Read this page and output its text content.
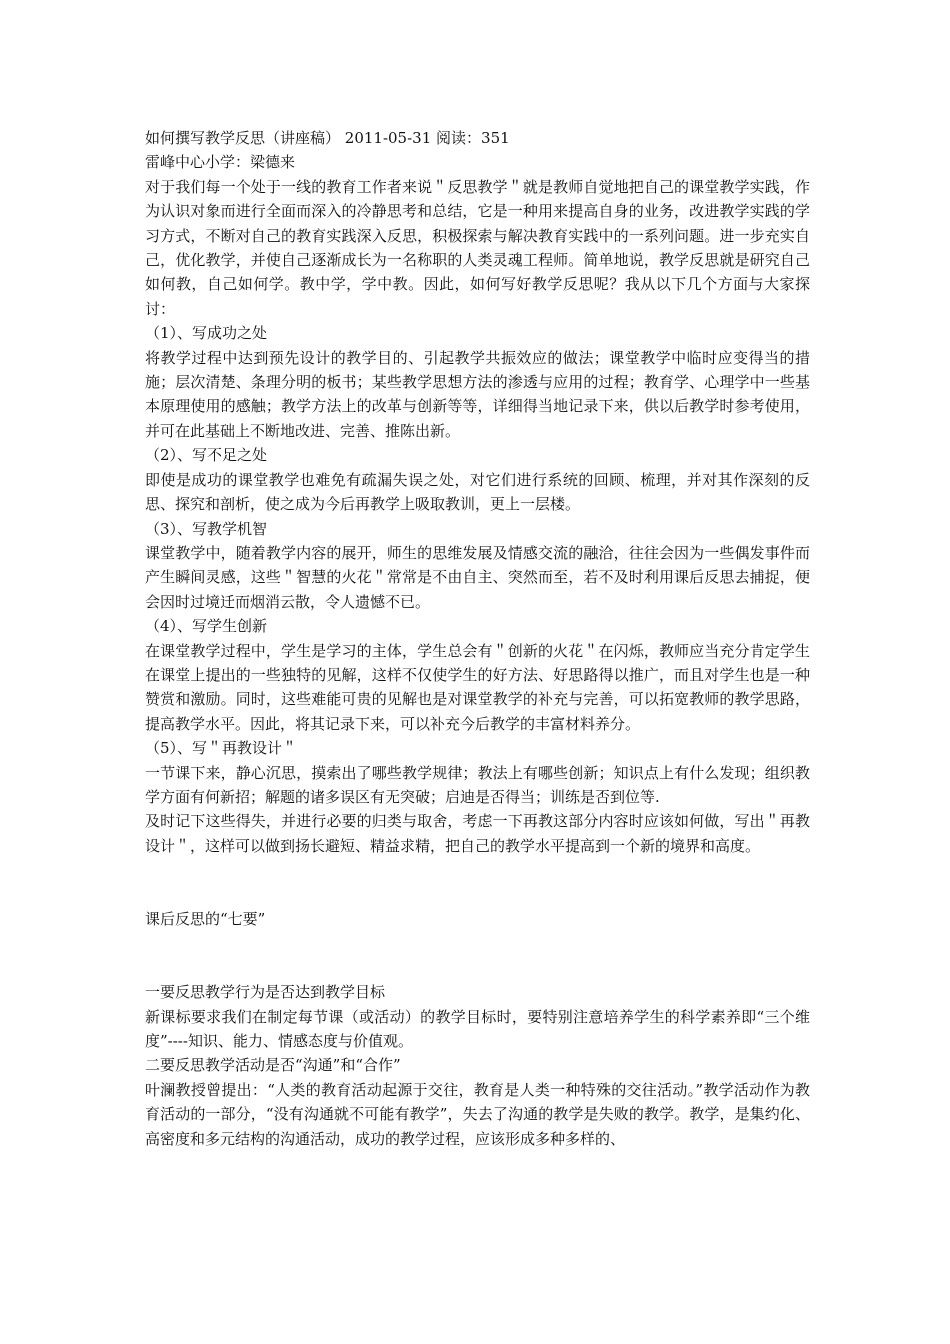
如何撰写教学反思（讲座稿） 2011-05-31 阅读：351

雷峰中心小学：梁德来

对于我们每一个处于一线的教育工作者来说＂反思教学＂就是教师自觉地把自己的课堂教学实践，作为认识对象而进行全面而深入的冷静思考和总结，它是一种用来提高自身的业务，改进教学实践的学习方式，不断对自己的教育实践深入反思，积极探索与解决教育实践中的一系列问题。进一步充实自己，优化教学，并使自己逐渐成长为一名称职的人类灵魂工程师。简单地说，教学反思就是研究自己如何教，自己如何学。教中学，学中教。因此，如何写好教学反思呢？我从以下几个方面与大家探讨：

（1）、写成功之处

将教学过程中达到预先设计的教学目的、引起教学共振效应的做法；课堂教学中临时应变得当的措施；层次清楚、条理分明的板书；某些教学思想方法的渗透与应用的过程；教育学、心理学中一些基本原理使用的感触；教学方法上的改革与创新等等，详细得当地记录下来，供以后教学时参考使用，并可在此基础上不断地改进、完善、推陈出新。

（2）、写不足之处

即使是成功的课堂教学也难免有疏漏失误之处，对它们进行系统的回顾、梳理，并对其作深刻的反思、探究和剖析，使之成为今后再教学上吸取教训，更上一层楼。

（3）、写教学机智

课堂教学中，随着教学内容的展开，师生的思维发展及情感交流的融洽，往往会因为一些偶发事件而产生瞬间灵感，这些＂智慧的火花＂常常是不由自主、突然而至，若不及时利用课后反思去捕捉，便会因时过境迁而烟消云散，令人遗憾不已。

（4）、写学生创新

在课堂教学过程中，学生是学习的主体，学生总会有＂创新的火花＂在闪烁，教师应当充分肯定学生在课堂上提出的一些独特的见解，这样不仅使学生的好方法、好思路得以推广，而且对学生也是一种赞赏和激励。同时，这些难能可贵的见解也是对课堂教学的补充与完善，可以拓宽教师的教学思路，提高教学水平。因此，将其记录下来，可以补充今后教学的丰富材料养分。

（5）、写＂再教设计＂

一节课下来，静心沉思，摸索出了哪些教学规律；教法上有哪些创新；知识点上有什么发现；组织教学方面有何新招；解题的诸多误区有无突破；启迪是否得当；训练是否到位等.

及时记下这些得失，并进行必要的归类与取舍，考虑一下再教这部分内容时应该如何做，写出＂再教设计＂，这样可以做到扬长避短、精益求精，把自己的教学水平提高到一个新的境界和高度。

课后反思的“七要”

一要反思教学行为是否达到教学目标

新课标要求我们在制定每节课（或活动）的教学目标时，要特别注意培养学生的科学素养即“三个维度”----知识、能力、情感态度与价值观。

二要反思教学活动是否“沟通”和“合作”

叶澜教授曾提出：“人类的教育活动起源于交往，教育是人类一种特殊的交往活动。”教学活动作为教育活动的一部分，“没有沟通就不可能有教学”，失去了沟通的教学是失败的教学。教学，是集约化、高密度和多元结构的沟通活动，成功的教学过程，应该形成多种多样的、
